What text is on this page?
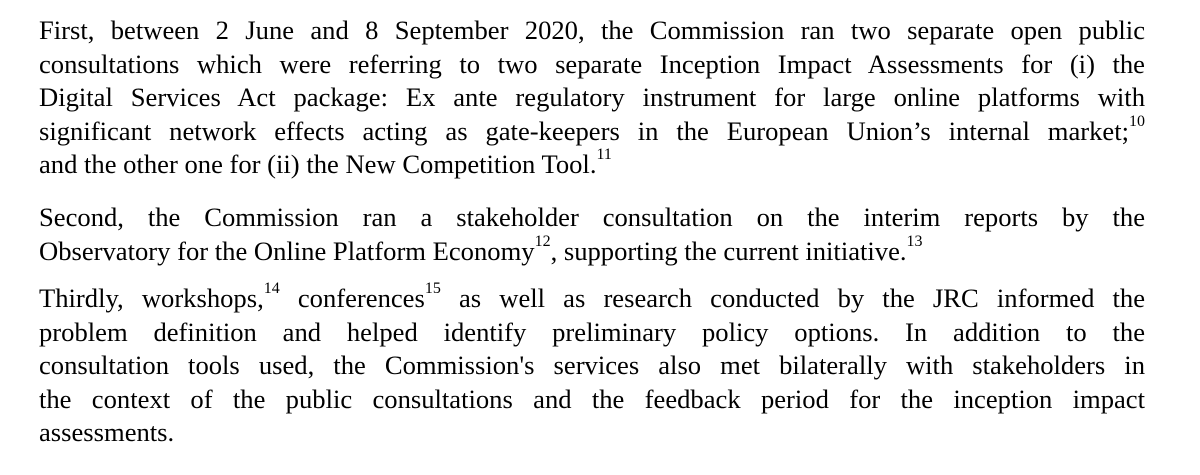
First, between 2 June and 8 September 2020, the Commission ran two separate open public
consultations which were referring to two separate Inception Impact Assessments for (i) the
Digital Services Act package: Ex ante regulatory instrument for large online platforms with
significant network effects acting as gate-keepers in the European Union’s internal market;$^{10}$
and the other one for (ii) the New Competition Tool.$^{11}$

Second, the Commission ran a stakeholder consultation on the interim reports by the
Observatory for the Online Platform Economy$^{12}$, supporting the current initiative.$^{13}$

Thirdly, workshops,$^{14}$ conferences$^{15}$ as well as research conducted by the JRC informed the
problem definition and helped identify preliminary policy options. In addition to the
consultation tools used, the Commission's services also met bilaterally with stakeholders in
the context of the public consultations and the feedback period for the inception impact
assessments.
